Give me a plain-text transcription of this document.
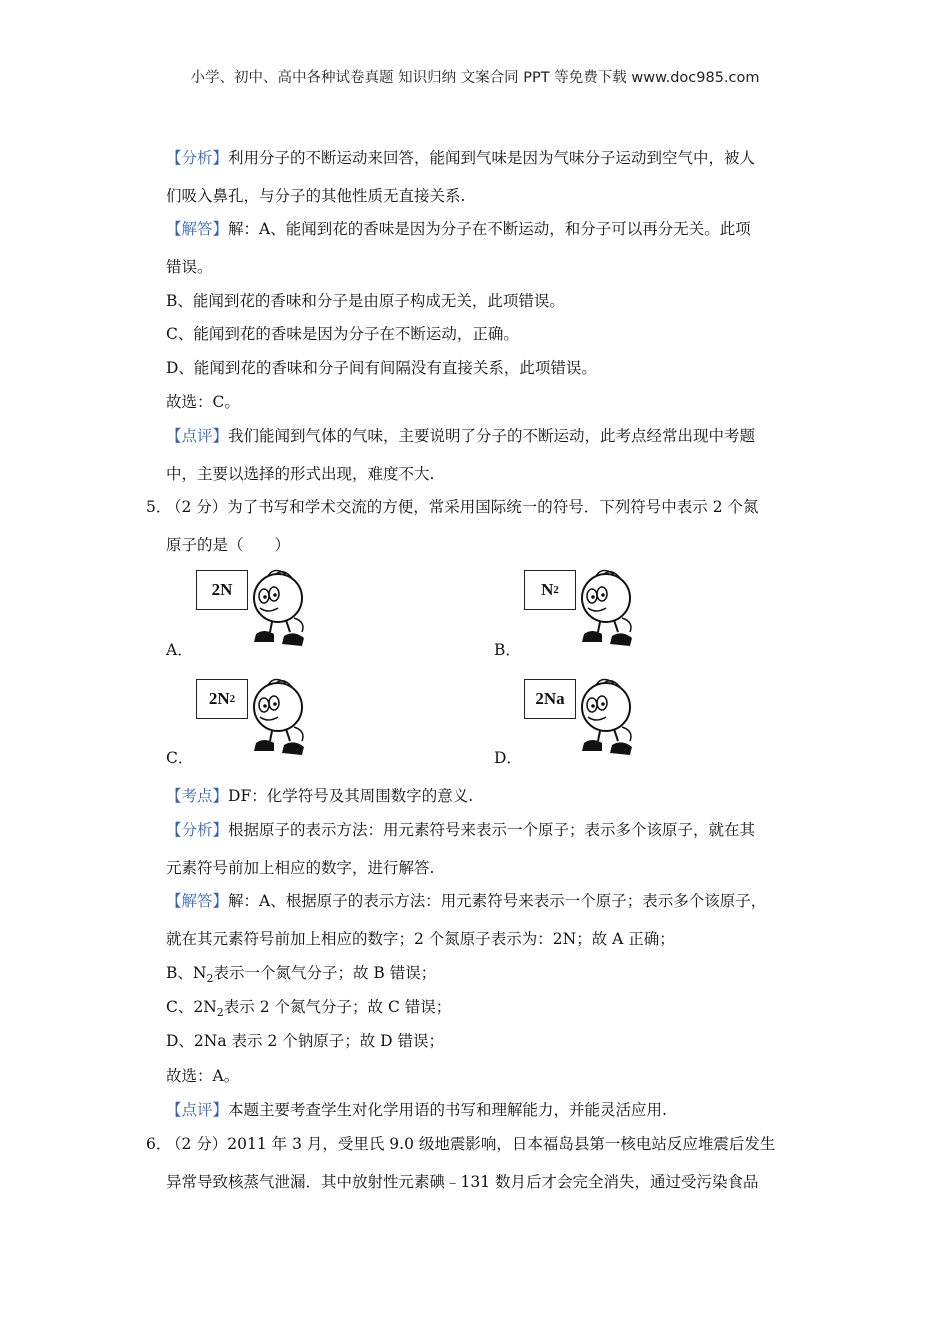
小学、初中、高中各种试卷真题 知识归纳 文案合同 PPT 等免费下载 www.doc985.com
【分析】利用分子的不断运动来回答，能闻到气味是因为气味分子运动到空气中，被人
们吸入鼻孔，与分子的其他性质无直接关系.
【解答】解：A、能闻到花的香味是因为分子在不断运动，和分子可以再分无关。此项
错误。
B、能闻到花的香味和分子是由原子构成无关，此项错误。
C、能闻到花的香味是因为分子在不断运动，正确。
D、能闻到花的香味和分子间有间隔没有直接关系，此项错误。
故选：C。
【点评】我们能闻到气体的气味，主要说明了分子的不断运动，此考点经常出现中考题
中，主要以选择的形式出现，难度不大.
5．
（2 分）为了书写和学术交流的方便，常采用国际统一的符号．下列符号中表示 2 个氮
原子的是（　　）
2N
A．
N 2
B．
2N 2
C．
2Na
D．
【考点】DF：化学符号及其周围数字的意义.
【分析】根据原子的表示方法：用元素符号来表示一个原子；表示多个该原子，就在其
元素符号前加上相应的数字，进行解答.
【解答】解：A、根据原子的表示方法：用元素符号来表示一个原子；表示多个该原子，
就在其元素符号前加上相应的数字；2 个氮原子表示为：2N；故 A 正确；
B、$N_2$表示一个氮气分子；故 B 错误；
C、$2N_2$表示 2 个氮气分子；故 C 错误；
D、2Na 表示 2 个钠原子；故 D 错误；
故选：A。
【点评】本题主要考查学生对化学用语的书写和理解能力，并能灵活应用.
6．
（2 分）2011 年 3 月，受里氏 9.0 级地震影响，日本福岛县第一核电站反应堆震后发生
异常导致核蒸气泄漏．其中放射性元素碘﹣131 数月后才会完全消失，通过受污染食品
